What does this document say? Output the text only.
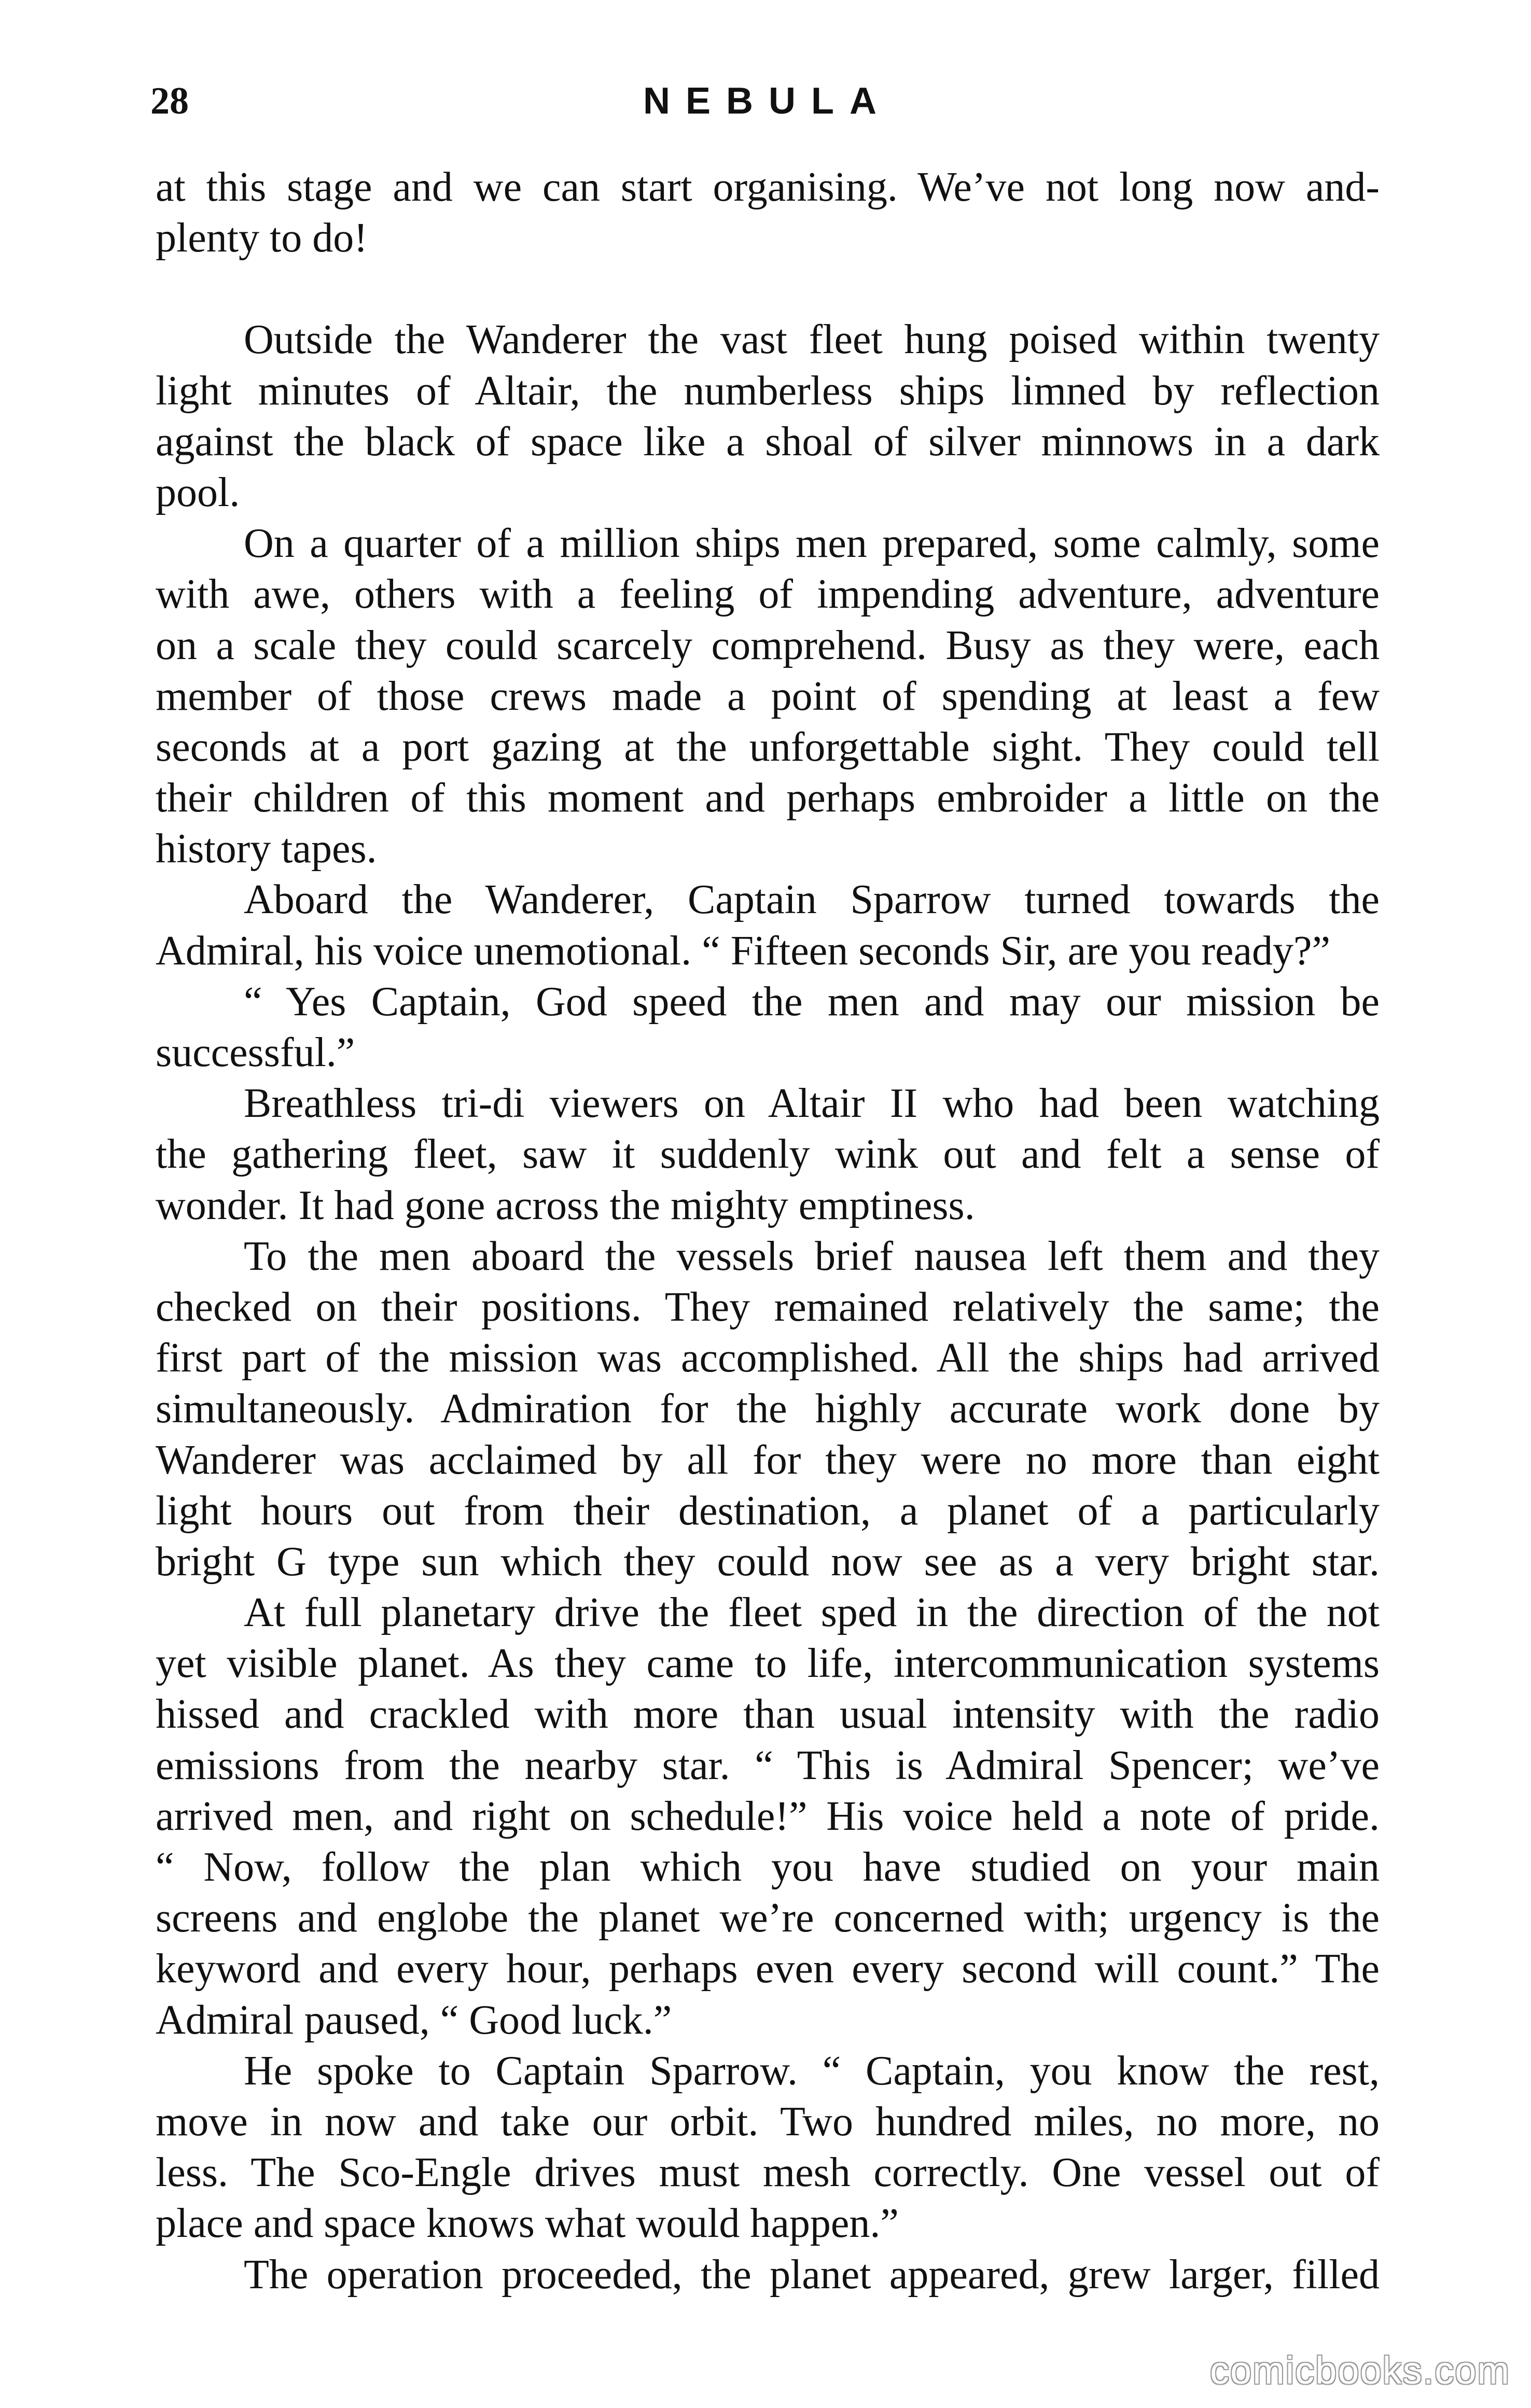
28	NEBULA
at this stage and we can start organising. We’ve not long now and-
plenty to do!
Outside the Wanderer the vast fleet hung poised within twenty
light minutes of Altair, the numberless ships limned by reflection
against the black of space like a shoal of silver minnows in a dark
pool.
On a quarter of a million ships men prepared, some calmly, some
with awe, others with a feeling of impending adventure, adventure
on a scale they could scarcely comprehend. Busy as they were, each
member of those crews made a point of spending at least a few
seconds at a port gazing at the unforgettable sight. They could tell
their children of this moment and perhaps embroider a little on the
history tapes.
Aboard the Wanderer, Captain Sparrow turned towards the
Admiral, his voice unemotional. “ Fifteen seconds Sir, are you ready?”
“ Yes Captain, God speed the men and may our mission be
successful.”
Breathless tri-di viewers on Altair II who had been watching
the gathering fleet, saw it suddenly wink out and felt a sense of
wonder. It had gone across the mighty emptiness.
To the men aboard the vessels brief nausea left them and they
checked on their positions. They remained relatively the same; the
first part of the mission was accomplished. All the ships had arrived
simultaneously. Admiration for the highly accurate work done by
Wanderer was acclaimed by all for they were no more than eight
light hours out from their destination, a planet of a particularly
bright G type sun which they could now see as a very bright star.
At full planetary drive the fleet sped in the direction of the not
yet visible planet. As they came to life, intercommunication systems
hissed and crackled with more than usual intensity with the radio
emissions from the nearby star. “ This is Admiral Spencer; we’ve
arrived men, and right on schedule!” His voice held a note of pride.
“ Now, follow the plan which you have studied on your main
screens and englobe the planet we’re concerned with; urgency is the
keyword and every hour, perhaps even every second will count.” The
Admiral paused, “ Good luck.”
He spoke to Captain Sparrow. “ Captain, you know the rest,
move in now and take our orbit. Two hundred miles, no more, no
less. The Sco-Engle drives must mesh correctly. One vessel out of
place and space knows what would happen.”
The operation proceeded, the planet appeared, grew larger, filled
comicbooks.com
